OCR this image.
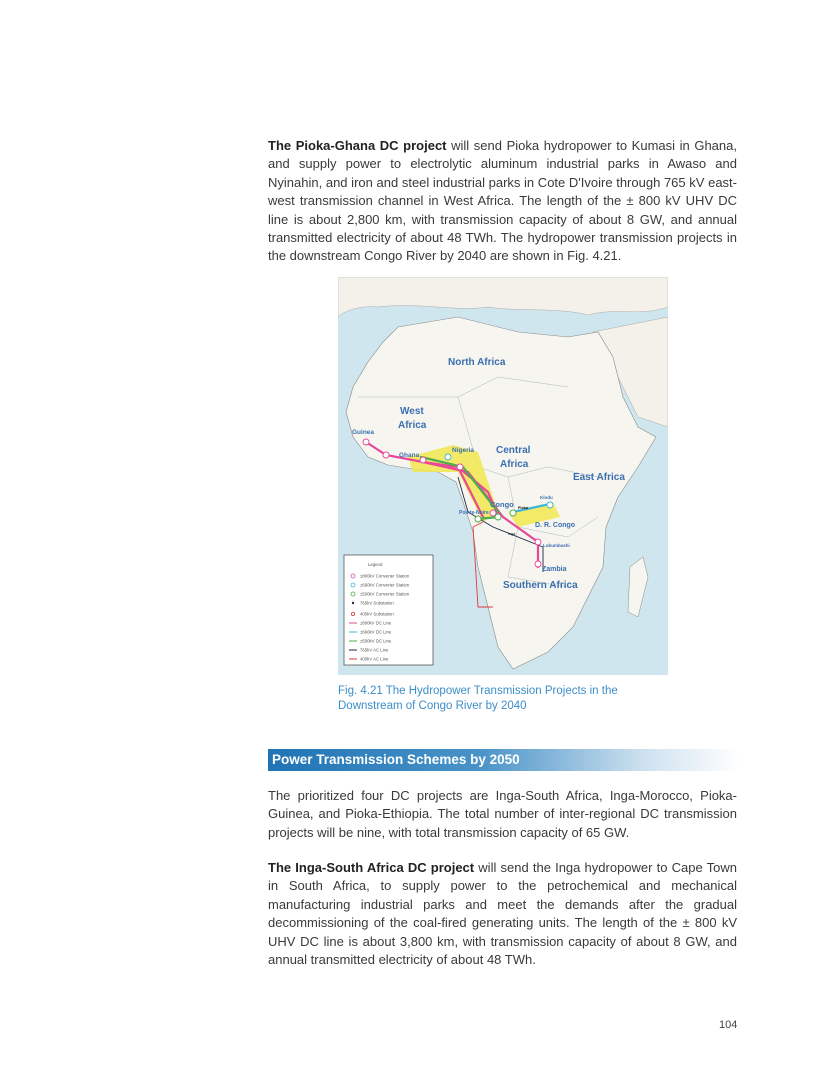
The Pioka-Ghana DC project will send Pioka hydropower to Kumasi in Ghana, and supply power to electrolytic aluminum industrial parks in Awaso and Nyinahin, and iron and steel industrial parks in Cote D'Ivoire through 765 kV east-west transmission channel in West Africa. The length of the ± 800 kV UHV DC line is about 2,800 km, with transmission capacity of about 8 GW, and annual transmitted electricity of about 48 TWh. The hydropower transmission projects in the downstream Congo River by 2040 are shown in Fig. 4.21.

North Africa
West
Africa
Central
Africa
East Africa
Southern Africa
Guinea
Ghana
Nigeria
Congo Pioka
Kindu
Pointe-Noire
Inga
D. R. Congo
Lubumbashi
Zambia
Legend
±800kV Converter Station
±660kV Converter Station
±500kV Converter Station
765kV Substation
400kV Substation
±800kV DC Line
±660kV DC Line
±500kV DC Line
765kV AC Line
400kV AC Line
Fig. 4.21 The Hydropower Transmission Projects in the
Downstream of Congo River by 2040
Power Transmission Schemes by 2050

The prioritized four DC projects are Inga-South Africa, Inga-Morocco, Pioka-Guinea, and Pioka-Ethiopia. The total number of inter-regional DC transmission projects will be nine, with total transmission capacity of 65 GW.

The Inga-South Africa DC project will send the Inga hydropower to Cape Town in South Africa, to supply power to the petrochemical and mechanical manufacturing industrial parks and meet the demands after the gradual decommissioning of the coal-fired generating units. The length of the ± 800 kV UHV DC line is about 3,800 km, with transmission capacity of about 8 GW, and annual transmitted electricity of about 48 TWh.

104
